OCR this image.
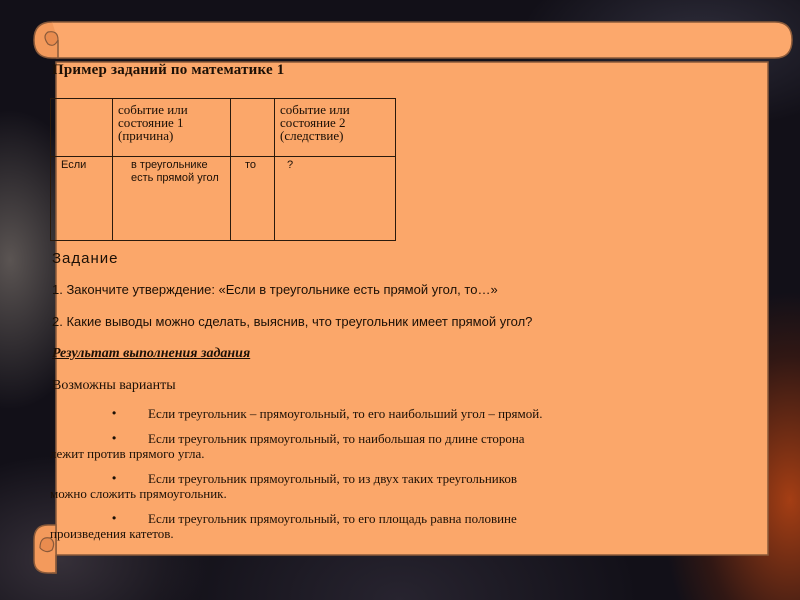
Пример заданий по математике 1
	событие или состояние 1 (причина)		событие или состояние 2 (следствие)
Если	в треугольнике есть прямой угол	то	?
Задание

1. Закончите утверждение: «Если в треугольнике есть прямой угол, то…»

2. Какие выводы можно сделать, выяснив, что треугольник имеет прямой угол?

Результат выполнения задания

Возможны варианты

• Если треугольник – прямоугольный, то его наибольший угол – прямой.
• Если треугольник прямоугольный, то наибольшая по длине сторона
лежит против прямого угла.
• Если треугольник прямоугольный, то из двух таких треугольников
можно сложить прямоугольник.
• Если треугольник прямоугольный, то его площадь равна половине
произведения катетов.
